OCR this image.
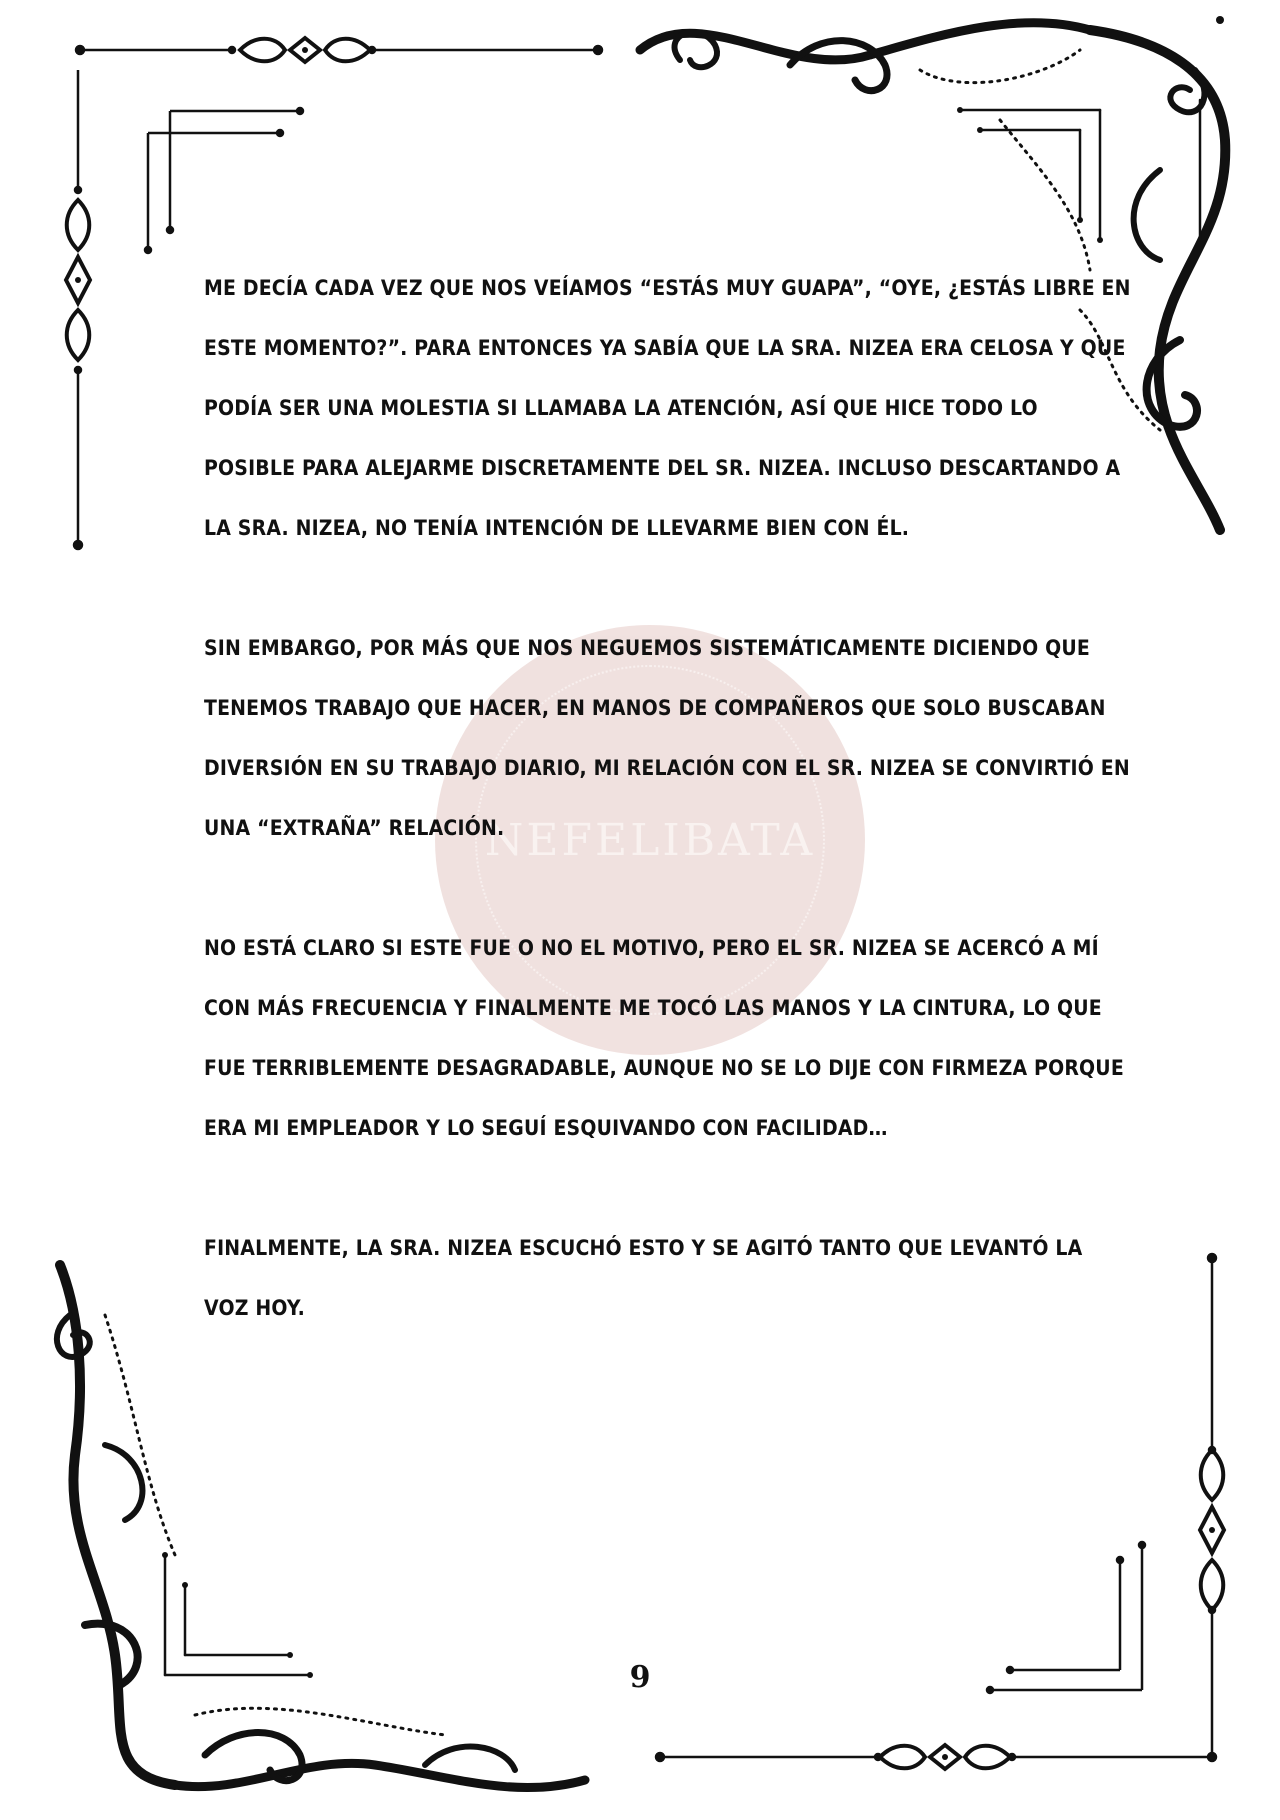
NEFELIBATA

ME DECÍA CADA VEZ QUE NOS VEÍAMOS “ESTÁS MUY GUAPA”, “OYE, ¿ESTÁS LIBRE EN ESTE MOMENTO?”. PARA ENTONCES YA SABÍA QUE LA SRA. NIZEA ERA CELOSA Y QUE PODÍA SER UNA MOLESTIA SI LLAMABA LA ATENCIÓN, ASÍ QUE HICE TODO LO POSIBLE PARA ALEJARME DISCRETAMENTE DEL SR. NIZEA. INCLUSO DESCARTANDO A LA SRA. NIZEA, NO TENÍA INTENCIÓN DE LLEVARME BIEN CON ÉL.

SIN EMBARGO, POR MÁS QUE NOS NEGUEMOS SISTEMÁTICAMENTE DICIENDO QUE TENEMOS TRABAJO QUE HACER, EN MANOS DE COMPAÑEROS QUE SOLO BUSCABAN DIVERSIÓN EN SU TRABAJO DIARIO, MI RELACIÓN CON EL SR. NIZEA SE CONVIRTIÓ EN UNA “EXTRAÑA” RELACIÓN.

NO ESTÁ CLARO SI ESTE FUE O NO EL MOTIVO, PERO EL SR. NIZEA SE ACERCÓ A MÍ CON MÁS FRECUENCIA Y FINALMENTE ME TOCÓ LAS MANOS Y LA CINTURA, LO QUE FUE TERRIBLEMENTE DESAGRADABLE, AUNQUE NO SE LO DIJE CON FIRMEZA PORQUE ERA MI EMPLEADOR Y LO SEGUÍ ESQUIVANDO CON FACILIDAD…

FINALMENTE, LA SRA. NIZEA ESCUCHÓ ESTO Y SE AGITÓ TANTO QUE LEVANTÓ LA VOZ HOY.

9
